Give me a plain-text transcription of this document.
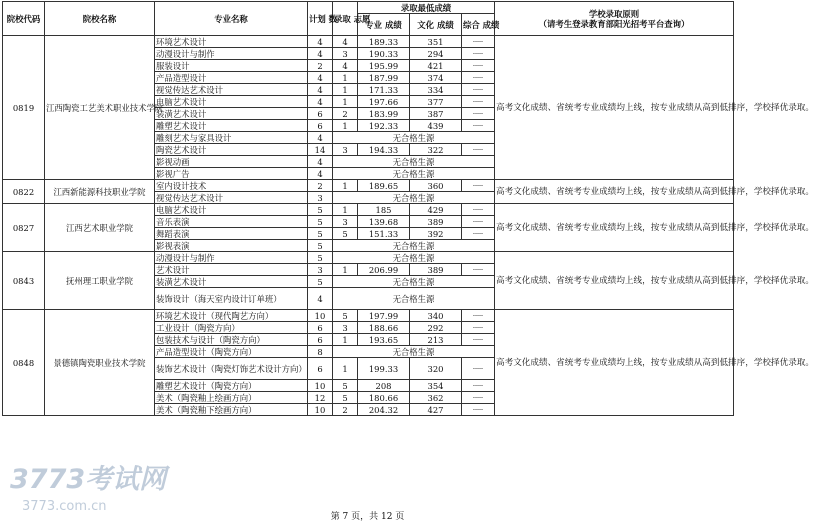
院校代码	院校名称	专业名称	计划 数	录取 志愿	录取最低成绩			学校录取原则
（请考生登录教育部阳光招考平台查询）
					专业 成绩	文化 成绩	综合 成绩	
0819	江西陶瓷工艺美术职业技术学院	环境艺术设计	4	4	189.33	351	-----	高考文化成绩、省统考专业成绩均上线，按专业成绩从高到低排序，学校择优录取。
		动漫设计与制作	4	3	190.33	294	-----	
		服装设计	2	4	195.99	421	-----	
		产品造型设计	4	1	187.99	374	-----	
		视觉传达艺术设计	4	1	171.33	334	-----	
		电脑艺术设计	4	1	197.66	377	-----	
		装潢艺术设计	6	2	183.99	387	-----	
		雕塑艺术设计	6	1	192.33	439	-----	
		雕刻艺术与家具设计	4	无合格生源				
		陶瓷艺术设计	14	3	194.33	322	-----	
		影视动画	4	无合格生源				
		影视广告	4	无合格生源				
0822	江西新能源科技职业学院	室内设计技术	2	1	189.65	360	-----	高考文化成绩、省统考专业成绩均上线，按专业成绩从高到低排序，学校择优录取。
		视觉传达艺术设计	3	无合格生源				
0827	江西艺术职业学院	电脑艺术设计	5	1	185	429	-----	高考文化成绩、省统考专业成绩均上线，按专业成绩从高到低排序，学校择优录取。
		音乐表演	5	3	139.68	389	-----	
		舞蹈表演	5	5	151.33	392	-----	
		影视表演	5	无合格生源				
0843	抚州理工职业学院	动漫设计与制作	5	无合格生源				高考文化成绩、省统考专业成绩均上线，按专业成绩从高到低排序，学校择优录取。
		艺术设计	3	1	206.99	389	-----	
		装潢艺术设计	5	无合格生源				
		装饰设计（海天室内设计订单班）	4	无合格生源				
0848	景德镇陶瓷职业技术学院	环境艺术设计（现代陶艺方向）	10	5	197.99	340	-----	高考文化成绩、省统考专业成绩均上线，按专业成绩从高到低排序，学校择优录取。
		工业设计（陶瓷方向）	6	3	188.66	292	-----	
		包装技术与设计（陶瓷方向）	6	1	193.65	213	-----	
		产品造型设计（陶瓷方向）	8	无合格生源				
		装饰艺术设计（陶瓷灯饰艺术设计方向）	6	1	199.33	320	-----	
		雕塑艺术设计（陶瓷方向）	10	5	208	354	-----	
		美术（陶瓷釉上绘画方向）	12	5	180.66	362	-----	
		美术（陶瓷釉下绘画方向）	10	2	204.32	427	-----	
3773考试网
3773.com.cn
第 7 页，共 12 页
